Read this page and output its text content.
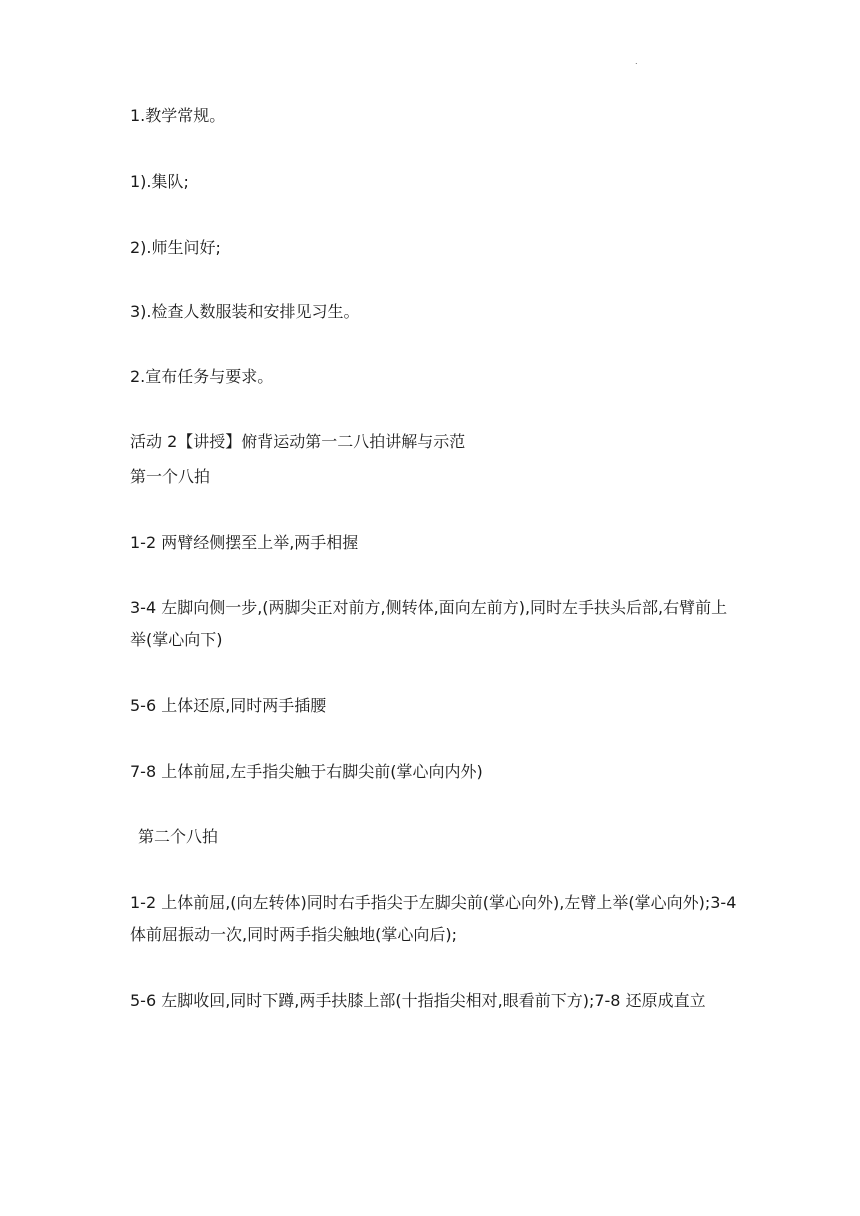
.
1.教学常规。
1).集队;
2).师生问好;
3).检查人数服装和安排见习生。
2.宣布任务与要求。
活动 2【讲授】俯背运动第一二八拍讲解与示范
第一个八拍
1-2 两臂经侧摆至上举,两手相握
3-4 左脚向侧一步,(两脚尖正对前方,侧转体,面向左前方),同时左手扶头后部,右臂前上举(掌心向下)
5-6 上体还原,同时两手插腰
7-8 上体前屈,左手指尖触于右脚尖前(掌心向内外)
第二个八拍
1-2 上体前屈,(向左转体)同时右手指尖于左脚尖前(掌心向外),左臂上举(掌心向外);3-4 体前屈振动一次,同时两手指尖触地(掌心向后);
5-6 左脚收回,同时下蹲,两手扶膝上部(十指指尖相对,眼看前下方);7-8 还原成直立
